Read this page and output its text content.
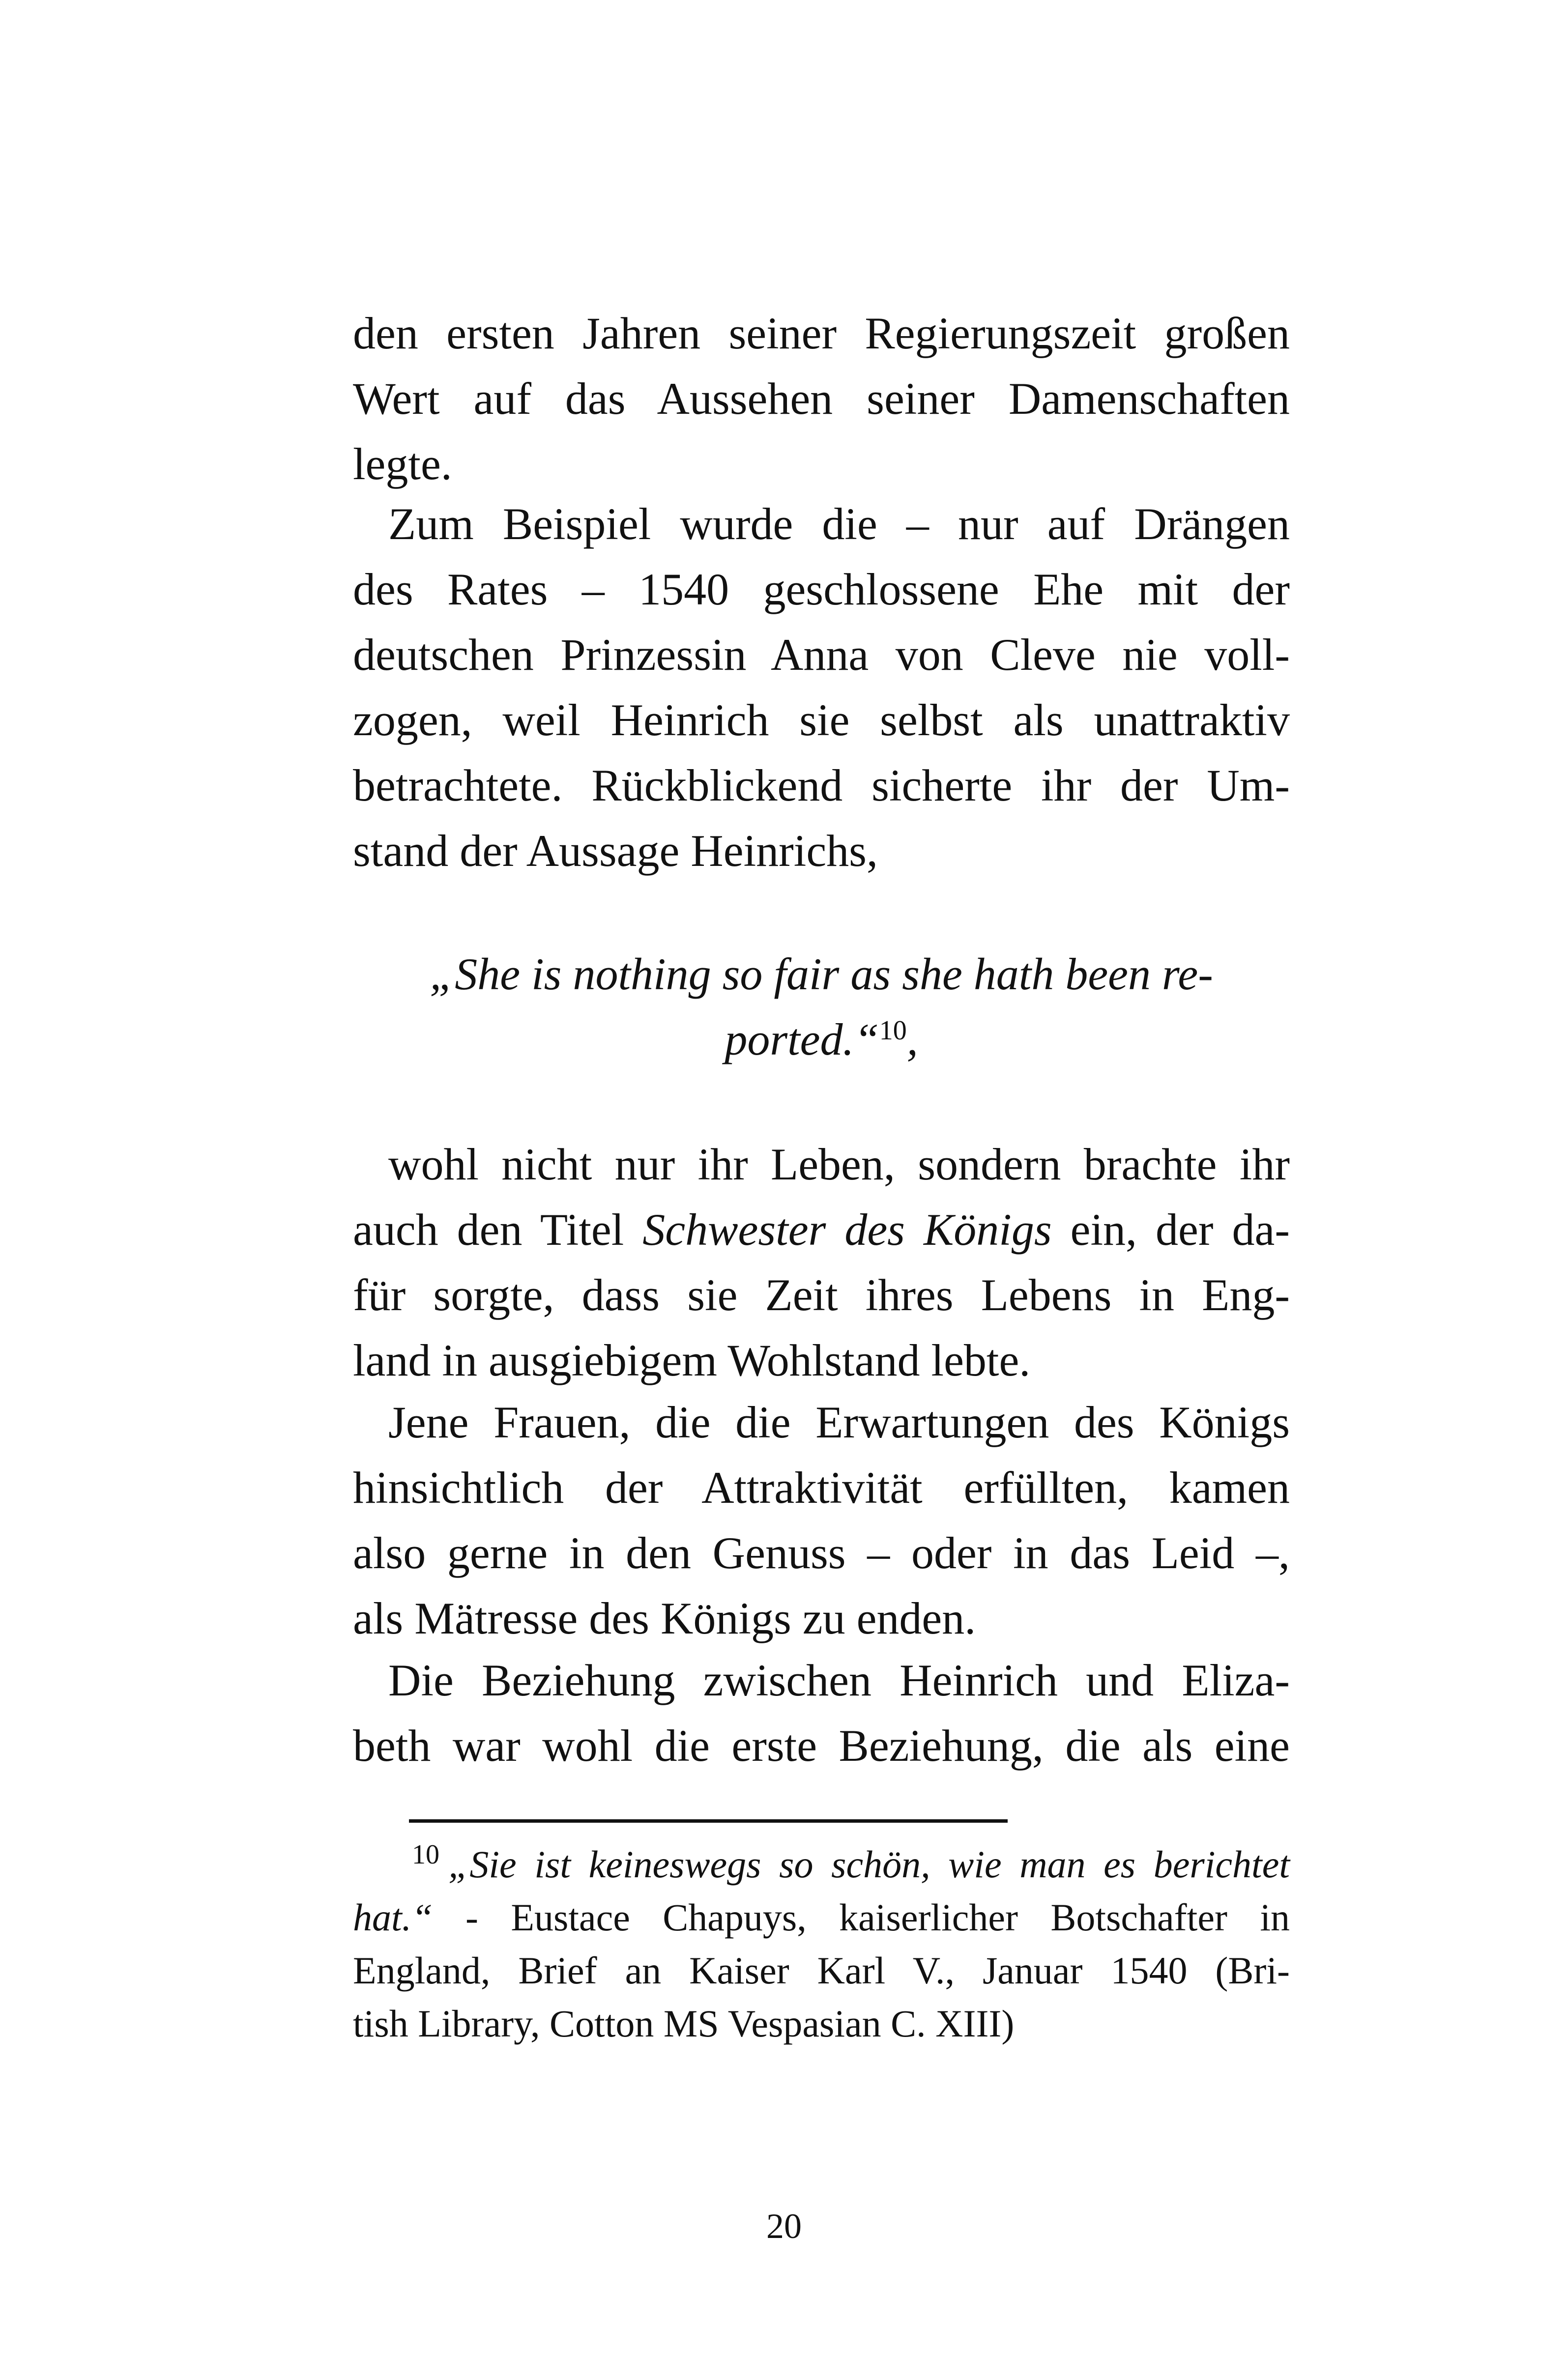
den ersten Jahren seiner Regierungszeit großen
Wert auf das Aussehen seiner Damenschaften
legte.
Zum Beispiel wurde die – nur auf Drängen
des Rates – 1540 geschlossene Ehe mit der
deutschen Prinzessin Anna von Cleve nie voll-
zogen, weil Heinrich sie selbst als unattraktiv
betrachtete. Rückblickend sicherte ihr der Um-
stand der Aussage Heinrichs,
„She is nothing so fair as she hath been re-
ported.“$^{10}$,
wohl nicht nur ihr Leben, sondern brachte ihr
auch den Titel Schwester des Königs ein, der da-
für sorgte, dass sie Zeit ihres Lebens in Eng-
land in ausgiebigem Wohlstand lebte.
Jene Frauen, die die Erwartungen des Königs
hinsichtlich der Attraktivität erfüllten, kamen
also gerne in den Genuss – oder in das Leid –,
als Mätresse des Königs zu enden.
Die Beziehung zwischen Heinrich und Eliza-
beth war wohl die erste Beziehung, die als eine
$^{10}$ „Sie ist keineswegs so schön, wie man es berichtet
hat.“ - Eustace Chapuys, kaiserlicher Botschafter in
England, Brief an Kaiser Karl V., Januar 1540 (Bri-
tish Library, Cotton MS Vespasian C. XIII)
20
